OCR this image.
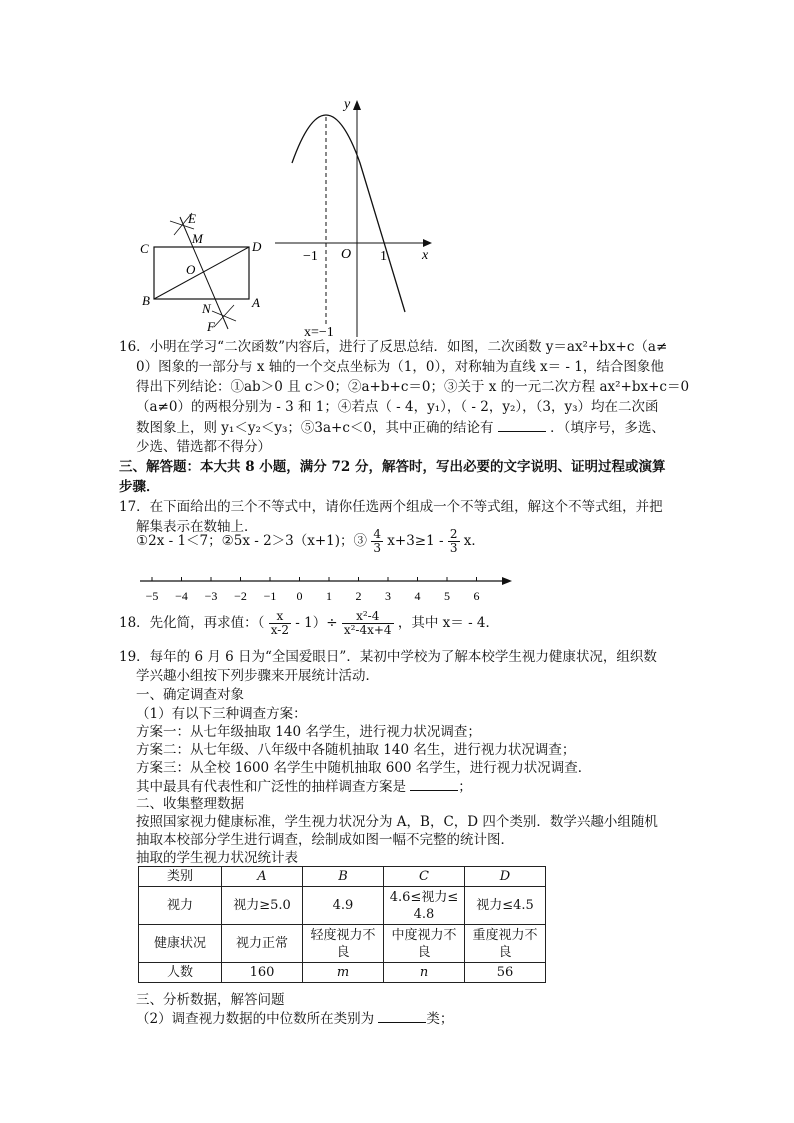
C	D
B	A
E
M
O
N
F
y
x
O
−1	1
x=−1
16．小明在学习“二次函数”内容后，进行了反思总结．如图，二次函数 y＝ax²+bx+c（a≠
0）图象的一部分与 x 轴的一个交点坐标为（1，0），对称轴为直线 x＝ - 1，结合图象他
得出下列结论：①ab＞0 且 c＞0；②a+b+c＝0；③关于 x 的一元二次方程 ax²+bx+c＝0
（a≠0）的两根分别为 - 3 和 1；④若点（ - 4，y₁），（ - 2，y₂），（3，y₃）均在二次函
数图象上，则 y₁＜y₂＜y₃；⑤3a+c＜0，其中正确的结论有	．（填序号，多选、
少选、错选都不得分）
三、解答题：本大共 8 小题，满分 72 分，解答时，写出必要的文字说明、证明过程或演算
步骤．
17．在下面给出的三个不等式中，请你任选两个组成一个不等式组，解这个不等式组，并把
解集表示在数轴上．
①2x - 1＜7；②5x - 2＞3（x+1)；③ $\frac{4}{3} x+3\ge 1 - \frac{2}{3}$ x．
−5 −4 −3 −2 −1 0 1 2 3 4 5 6
18．先化简，再求值：（ $\frac{x}{x-2} - 1)\div \frac{\text{x²-4}}{\text{x²-4x+4}}$ ，其中 x＝ - 4．
19．每年的 6 月 6 日为“全国爱眼日”．某初中学校为了解本校学生视力健康状况，组织数
学兴趣小组按下列步骤来开展统计活动．
一、确定调查对象
（1）有以下三种调查方案：
方案一：从七年级抽取 140 名学生，进行视力状况调查；
方案二：从七年级、八年级中各随机抽取 140 名生，进行视力状况调查；
方案三：从全校 1600 名学生中随机抽取 600 名学生，进行视力状况调查．
其中最具有代表性和广泛性的抽样调查方案是	；
二、收集整理数据
按照国家视力健康标准，学生视力状况分为 A，B，C，D 四个类别．数学兴趣小组随机
抽取本校部分学生进行调查，绘制成如图一幅不完整的统计图．
抽取的学生视力状况统计表
类别	A	B	C	D
视力	视力≥5.0	4.9	4.6≤视力≤
4.8	视力≤4.5
健康状况	视力正常	轻度视力不
良	中度视力不
良	重度视力不
良
人数	160	m	n	56
三、分析数据，解答问题
（2）调查视力数据的中位数所在类别为	类；
